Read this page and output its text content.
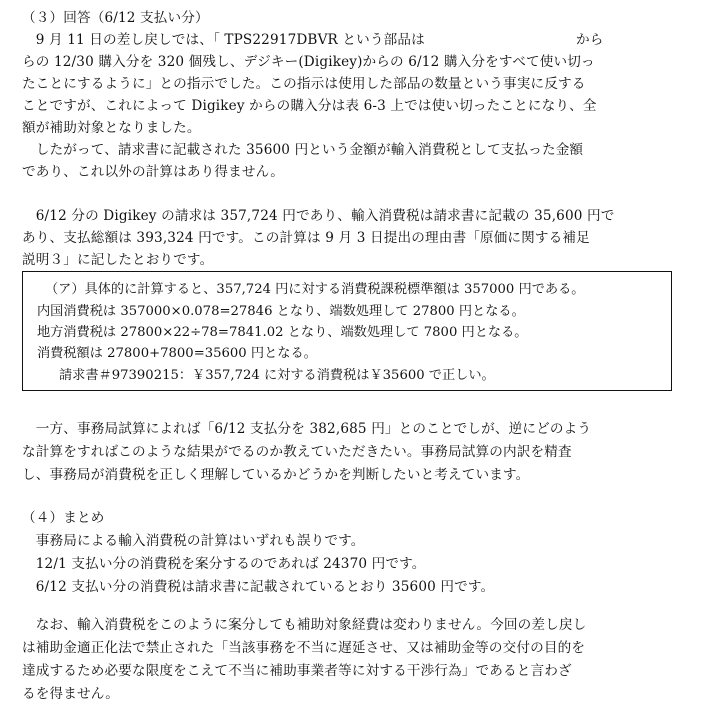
（３）回答（6/12 支払い分）
　9 月 11 日の差し戻しでは、「 TPS22917DBVR という部品は　　　　　　　　　　　から
らの 12/30 購入分を 320 個残し、デジキー(Digikey)からの 6/12 購入分をすべて使い切っ
たことにするように」との指示でした。この指示は使用した部品の数量という事実に反する
ことですが、これによって Digikey からの購入分は表 6-3 上では使い切ったことになり、全
額が補助対象となりました。
　したがって、請求書に記載された 35600 円という金額が輸入消費税として支払った金額
であり、これ以外の計算はあり得ません。
　6/12 分の Digikey の請求は 357,724 円であり、輸入消費税は請求書に記載の 35,600 円で
あり、支払総額は 393,324 円です。この計算は 9 月 3 日提出の理由書「原価に関する補足
説明３」に記したとおりです。
（ア）具体的に計算すると、357,724 円に対する消費税課税標準額は 357000 円である。
内国消費税は 357000×0.078=27846 となり、端数処理して 27800 円となる。
地方消費税は 27800×22÷78=7841.02 となり、端数処理して 7800 円となる。
消費税額は 27800+7800=35600 円となる。
請求書＃97390215：￥357,724 に対する消費税は￥35600 で正しい。
　一方、事務局試算によれば「6/12 支払分を 382,685 円」とのことでしが、逆にどのよう
な計算をすればこのような結果がでるのか教えていただきたい。事務局試算の内訳を精査
し、事務局が消費税を正しく理解しているかどうかを判断したいと考えています。
（４）まとめ
　事務局による輸入消費税の計算はいずれも誤りです。
　12/1 支払い分の消費税を案分するのであれば 24370 円です。
　6/12 支払い分の消費税は請求書に記載されているとおり 35600 円です。
　なお、輸入消費税をこのように案分しても補助対象経費は変わりません。今回の差し戻し
は補助金適正化法で禁止された「当該事務を不当に遅延させ、又は補助金等の交付の目的を
達成するため必要な限度をこえて不当に補助事業者等に対する干渉行為」であると言わざ
るを得ません。
